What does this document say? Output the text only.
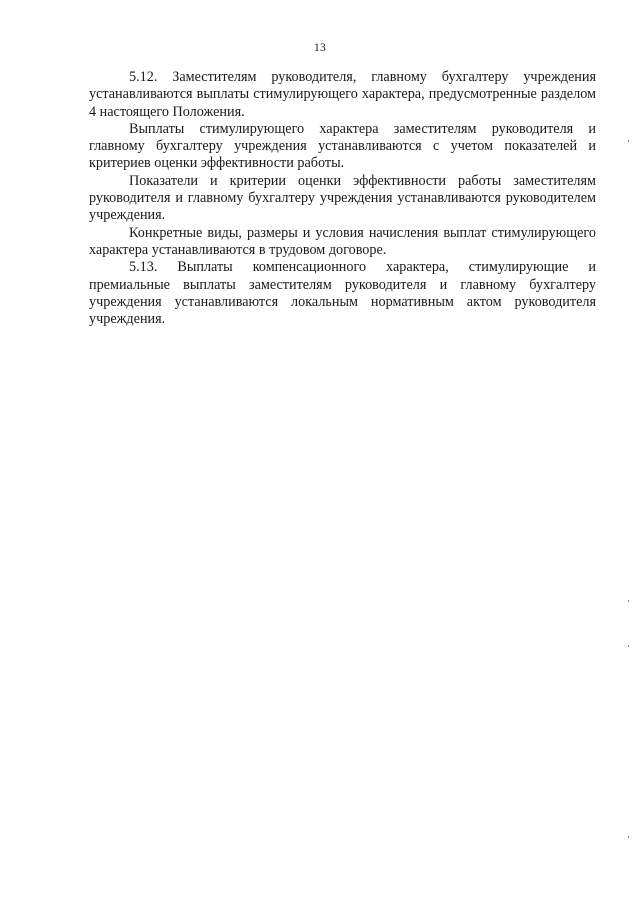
13

5.12. Заместителям руководителя, главному бухгалтеру учреждения устанавливаются выплаты стимулирующего характера, предусмотренные разделом 4 настоящего Положения.

Выплаты стимулирующего характера заместителям руководителя и главному бухгалтеру учреждения устанавливаются с учетом показателей и критериев оценки эффективности работы.

Показатели и критерии оценки эффективности работы заместителям руководителя и главному бухгалтеру учреждения устанавливаются руководителем учреждения.

Конкретные виды, размеры и условия начисления выплат стимулирующего характера устанавливаются в трудовом договоре.

5.13. Выплаты компенсационного характера, стимулирующие и премиальные выплаты заместителям руководителя и главному бухгалтеру учреждения устанавливаются локальным нормативным актом руководителя учреждения.
